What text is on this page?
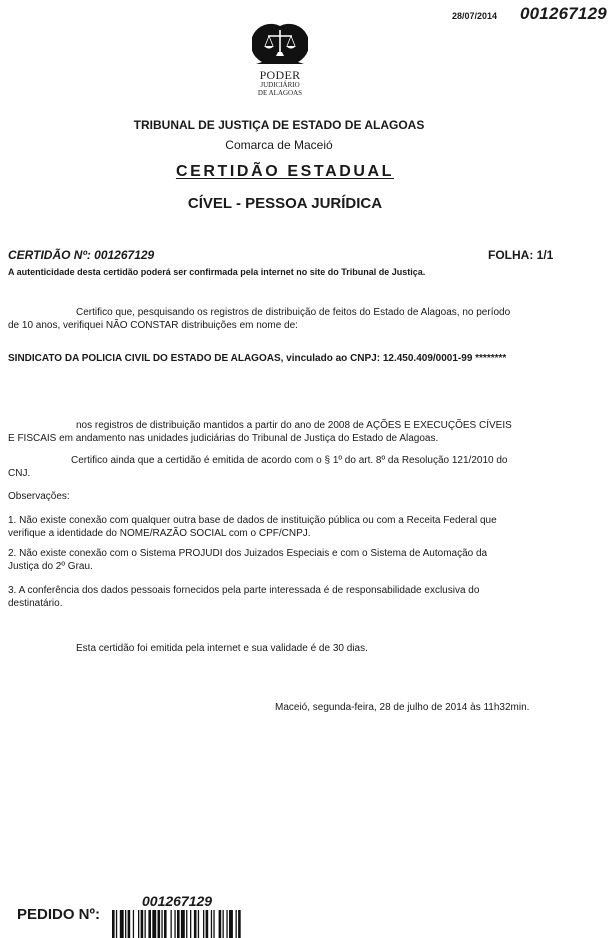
28/07/2014 001267129
PODER
JUDICIÁRIO
DE ALAGOAS
TRIBUNAL DE JUSTIÇA DE ESTADO DE ALAGOAS
Comarca de Maceió
CERTIDÃO ESTADUAL
CÍVEL - PESSOA JURÍDICA
CERTIDÃO Nº: 001267129	FOLHA: 1/1
A autenticidade desta certidão poderá ser confirmada pela internet no site do Tribunal de Justiça.
Certifico que, pesquisando os registros de distribuição de feitos do Estado de Alagoas, no período
de 10 anos, verifiquei NÃO CONSTAR distribuições em nome de:
SINDICATO DA POLICIA CIVIL DO ESTADO DE ALAGOAS, vinculado ao CNPJ: 12.450.409/0001-99 ********
nos registros de distribuição mantidos a partir do ano de 2008 de AÇÕES E EXECUÇÕES CÍVEIS
E FISCAIS em andamento nas unidades judiciárias do Tribunal de Justiça do Estado de Alagoas.
Certifico ainda que a certidão é emitida de acordo com o § 1º do art. 8º da Resolução 121/2010 do
CNJ.
Observações:
1. Não existe conexão com qualquer outra base de dados de instituição pública ou com a Receita Federal que
verifique a identidade do NOME/RAZÃO SOCIAL com o CPF/CNPJ.
2. Não existe conexão com o Sistema PROJUDI dos Juizados Especiais e com o Sistema de Automação da
Justiça do 2º Grau.
3. A conferência dos dados pessoais fornecidos pela parte interessada é de responsabilidade exclusiva do
destinatário.
Esta certidão foi emitida pela internet e sua validade é de 30 dias.
Maceió, segunda-feira, 28 de julho de 2014 às 11h32min.
001267129
PEDIDO Nº:
